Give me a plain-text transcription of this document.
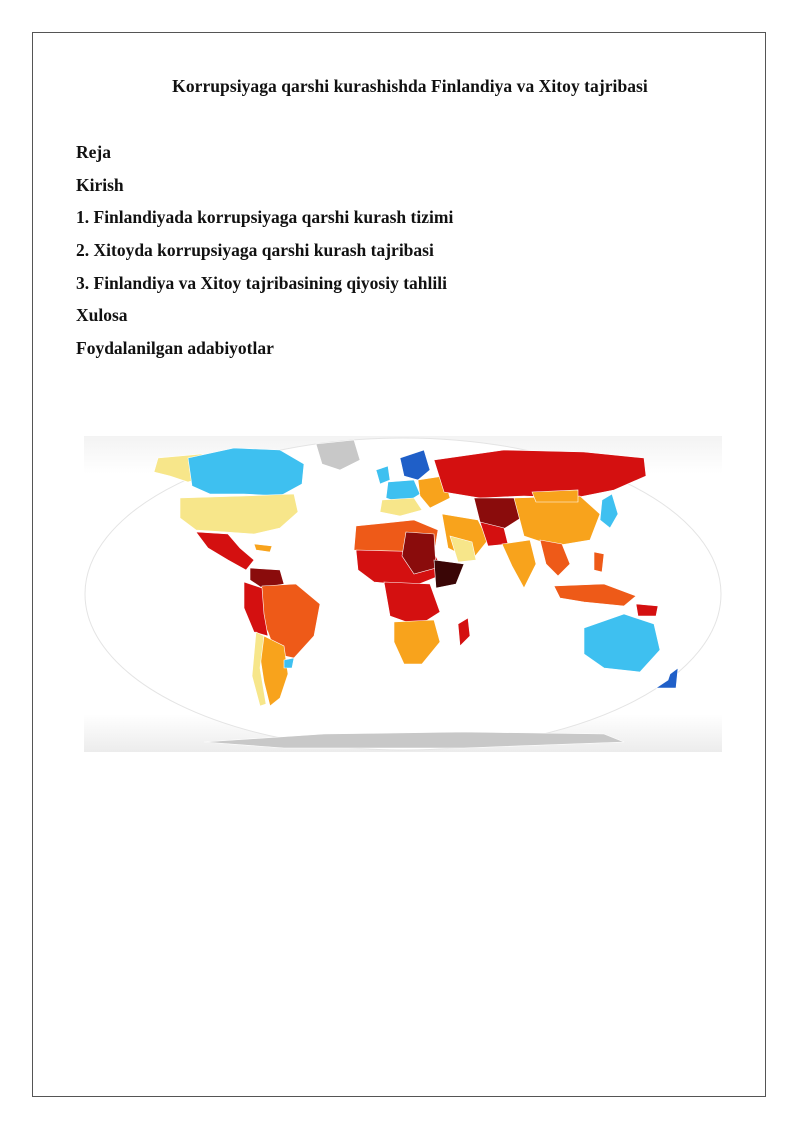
Korrupsiyaga qarshi kurashishda Finlandiya va Xitoy tajribasi
Reja
Kirish
1. Finlandiyada korrupsiyaga qarshi kurash tizimi
2. Xitoyda korrupsiyaga qarshi kurash tajribasi
3. Finlandiya va Xitoy tajribasining qiyosiy tahlili
Xulosa
Foydalanilgan adabiyotlar
